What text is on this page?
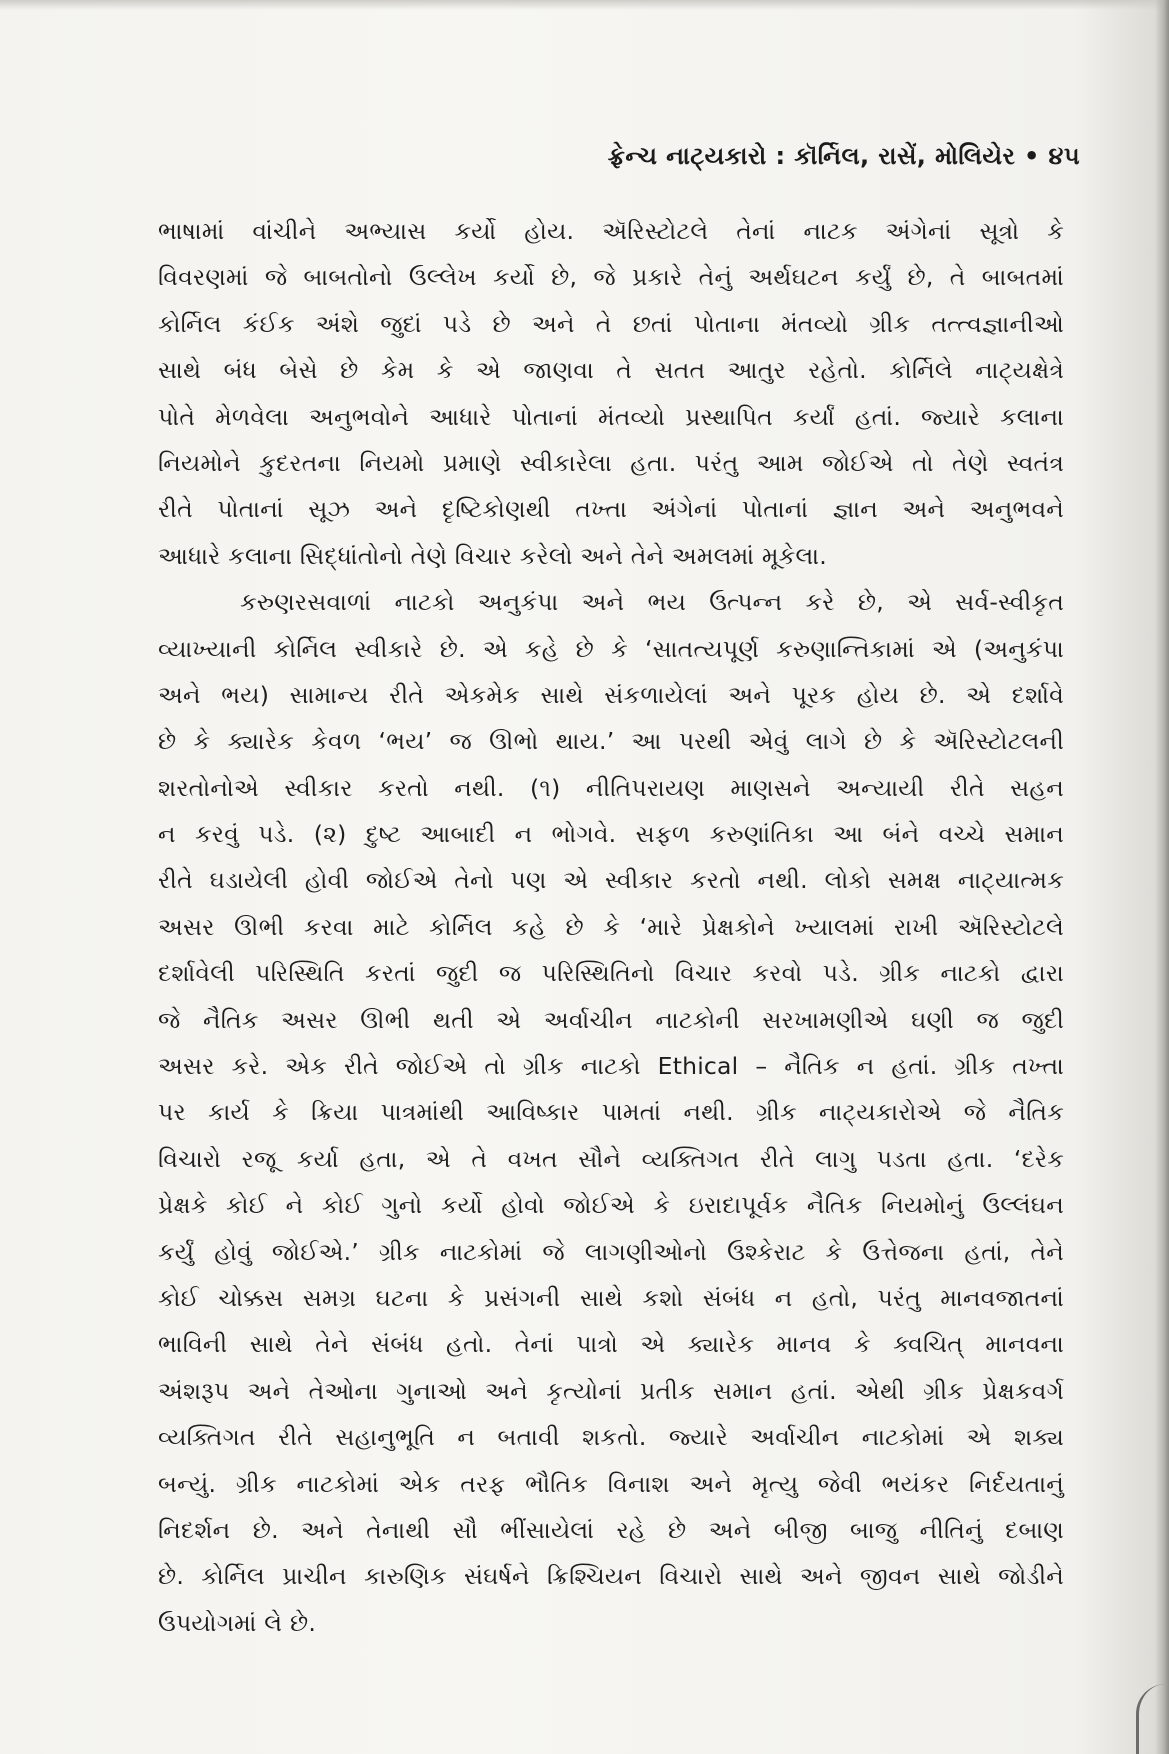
ફ્રેન્ચ નાટ્યકારો : કૉર્નિલ, રાસેં, મોલિયેર • ૪૫
ભાષામાં વાંચીને અભ્યાસ કર્યો હોય. ઍરિસ્ટોટલે તેનાં નાટક અંગેનાં સૂત્રો કે
વિવરણમાં જે બાબતોનો ઉલ્લેખ કર્યો છે, જે પ્રકારે તેનું અર્થઘટન કર્યું છે, તે બાબતમાં
કોર્નિલ કંઈક અંશે જુદાં પડે છે અને તે છતાં પોતાના મંતવ્યો ગ્રીક તત્ત્વજ્ઞાનીઓ
સાથે બંધ બેસે છે કેમ કે એ જાણવા તે સતત આતુર રહેતો. કોર્નિલે નાટ્યક્ષેત્રે
પોતે મેળવેલા અનુભવોને આધારે પોતાનાં મંતવ્યો પ્રસ્થાપિત કર્યાં હતાં. જ્યારે કલાના
નિયમોને કુદરતના નિયમો પ્રમાણે સ્વીકારેલા હતા. પરંતુ આમ જોઈએ તો તેણે સ્વતંત્ર
રીતે પોતાનાં સૂઝ અને દૃષ્ટિકોણથી તખ્તા અંગેનાં પોતાનાં જ્ઞાન અને અનુભવને
આધારે કલાના સિદ્ધાંતોનો તેણે વિચાર કરેલો અને તેને અમલમાં મૂકેલા.
કરુણરસવાળાં નાટકો અનુકંપા અને ભય ઉત્પન્ન કરે છે, એ સર્વ-સ્વીકૃત
વ્યાખ્યાની કોર્નિલ સ્વીકારે છે. એ કહે છે કે ‘સાતત્યપૂર્ણ કરુણાન્તિકામાં એ (અનુકંપા
અને ભય) સામાન્ય રીતે એકમેક સાથે સંકળાયેલાં અને પૂરક હોય છે. એ દર્શાવે
છે કે ક્યારેક કેવળ ‘ભય’ જ ઊભો થાય.’ આ પરથી એવું લાગે છે કે ઍરિસ્ટોટલની
શરતોનોએ સ્વીકાર કરતો નથી. (૧) નીતિપરાયણ માણસને અન્યાયી રીતે સહન
ન કરવું પડે. (૨) દુષ્ટ આબાદી ન ભોગવે. સફળ કરુણાંતિકા આ બંને વચ્ચે સમાન
રીતે ઘડાયેલી હોવી જોઈએ તેનો પણ એ સ્વીકાર કરતો નથી. લોકો સમક્ષ નાટ્યાત્મક
અસર ઊભી કરવા માટે કોર્નિલ કહે છે કે ‘મારે પ્રેક્ષકોને ખ્યાલમાં રાખી ઍરિસ્ટોટલે
દર્શાવેલી પરિસ્થિતિ કરતાં જુદી જ પરિસ્થિતિનો વિચાર કરવો પડે. ગ્રીક નાટકો દ્વારા
જે નૈતિક અસર ઊભી થતી એ અર્વાચીન નાટકોની સરખામણીએ ઘણી જ જુદી
અસર કરે. એક રીતે જોઈએ તો ગ્રીક નાટકો Ethical – નૈતિક ન હતાં. ગ્રીક તખ્તા
પર કાર્ય કે ક્રિયા પાત્રમાંથી આવિષ્કાર પામતાં નથી. ગ્રીક નાટ્યકારોએ જે નૈતિક
વિચારો રજૂ કર્યા હતા, એ તે વખત સૌને વ્યક્તિગત રીતે લાગુ પડતા હતા. ‘દરેક
પ્રેક્ષકે કોઈ ને કોઈ ગુનો કર્યો હોવો જોઈએ કે ઇરાદાપૂર્વક નૈતિક નિયમોનું ઉલ્લંઘન
કર્યું હોવું જોઈએ.’ ગ્રીક નાટકોમાં જે લાગણીઓનો ઉશ્કેરાટ કે ઉત્તેજના હતાં, તેને
કોઈ ચોક્કસ સમગ્ર ઘટના કે પ્રસંગની સાથે કશો સંબંધ ન હતો, પરંતુ માનવજાતનાં
ભાવિની સાથે તેને સંબંધ હતો. તેનાં પાત્રો એ ક્યારેક માનવ કે ક્વચિત્ માનવના
અંશરૂપ અને તેઓના ગુનાઓ અને કૃત્યોનાં પ્રતીક સમાન હતાં. એથી ગ્રીક પ્રેક્ષકવર્ગ
વ્યક્તિગત રીતે સહાનુભૂતિ ન બતાવી શકતો. જ્યારે અર્વાચીન નાટકોમાં એ શક્ય
બન્યું. ગ્રીક નાટકોમાં એક તરફ ભૌતિક વિનાશ અને મૃત્યુ જેવી ભયંકર નિર્દયતાનું
નિદર્શન છે. અને તેનાથી સૌ ભીંસાયેલાં રહે છે અને બીજી બાજુ નીતિનું દબાણ
છે. કોર્નિલ પ્રાચીન કારુણિક સંઘર્ષને ક્રિશ્ચિયન વિચારો સાથે અને જીવન સાથે જોડીને
ઉપયોગમાં લે છે.
